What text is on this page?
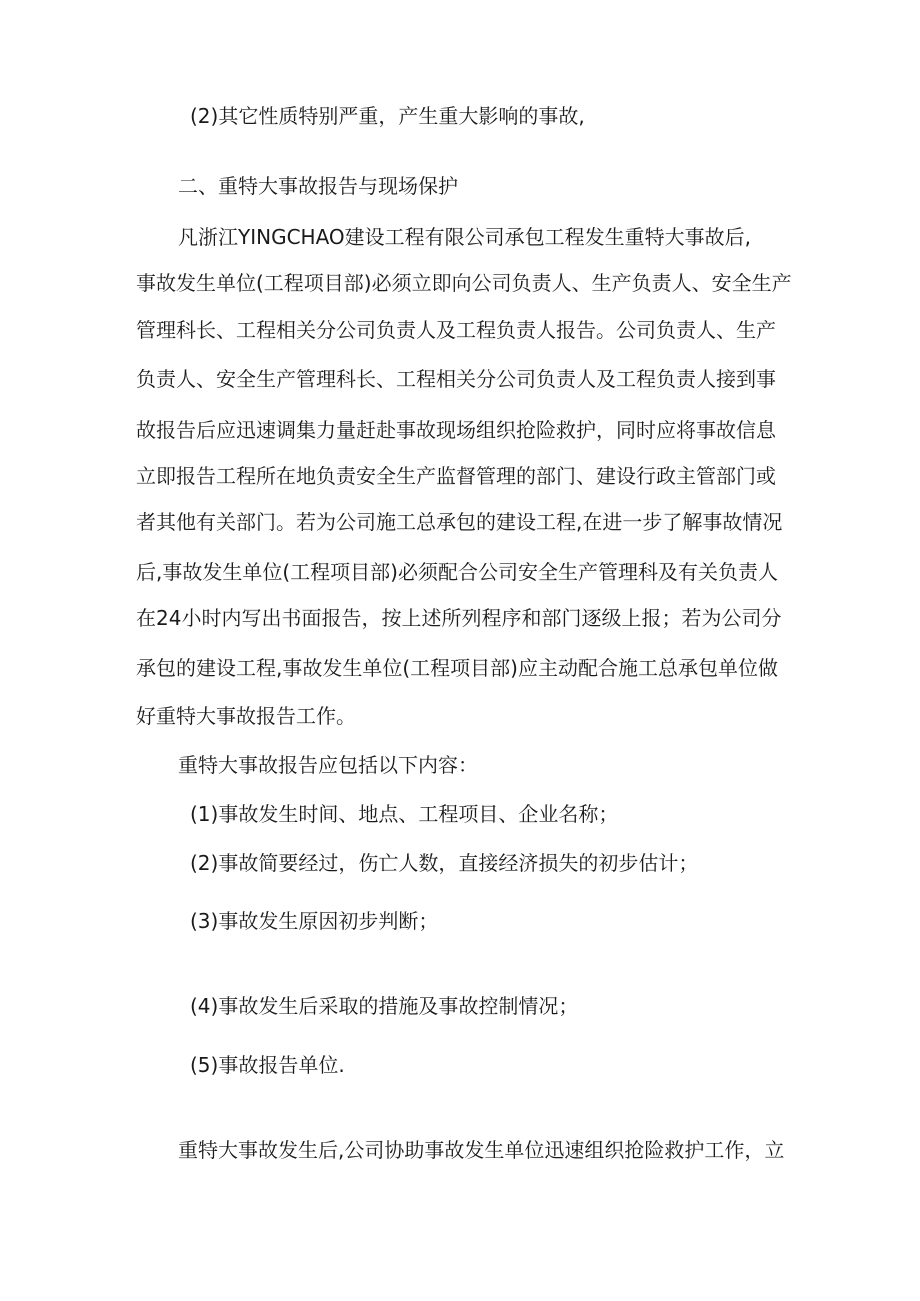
(2)其它性质特别严重，产生重大影响的事故,

二、重特大事故报告与现场保护

凡浙江YINGCHAO建设工程有限公司承包工程发生重特大事故后,

事故发生单位(工程项目部)必须立即向公司负责人、生产负责人、安全生产

管理科长、工程相关分公司负责人及工程负责人报告。公司负责人、生产

负责人、安全生产管理科长、工程相关分公司负责人及工程负责人接到事

故报告后应迅速调集力量赶赴事故现场组织抢险救护，同时应将事故信息

立即报告工程所在地负责安全生产监督管理的部门、建设行政主管部门或

者其他有关部门。若为公司施工总承包的建设工程,在进一步了解事故情况

后,事故发生单位(工程项目部)必须配合公司安全生产管理科及有关负责人

在24小时内写出书面报告，按上述所列程序和部门逐级上报；若为公司分

承包的建设工程,事故发生单位(工程项目部)应主动配合施工总承包单位做

好重特大事故报告工作。

重特大事故报告应包括以下内容：

(1)事故发生时间、地点、工程项目、企业名称；

(2)事故简要经过，伤亡人数，直接经济损失的初步估计；

(3)事故发生原因初步判断；

(4)事故发生后采取的措施及事故控制情况；

(5)事故报告单位.

重特大事故发生后,公司协助事故发生单位迅速组织抢险救护工作，立
